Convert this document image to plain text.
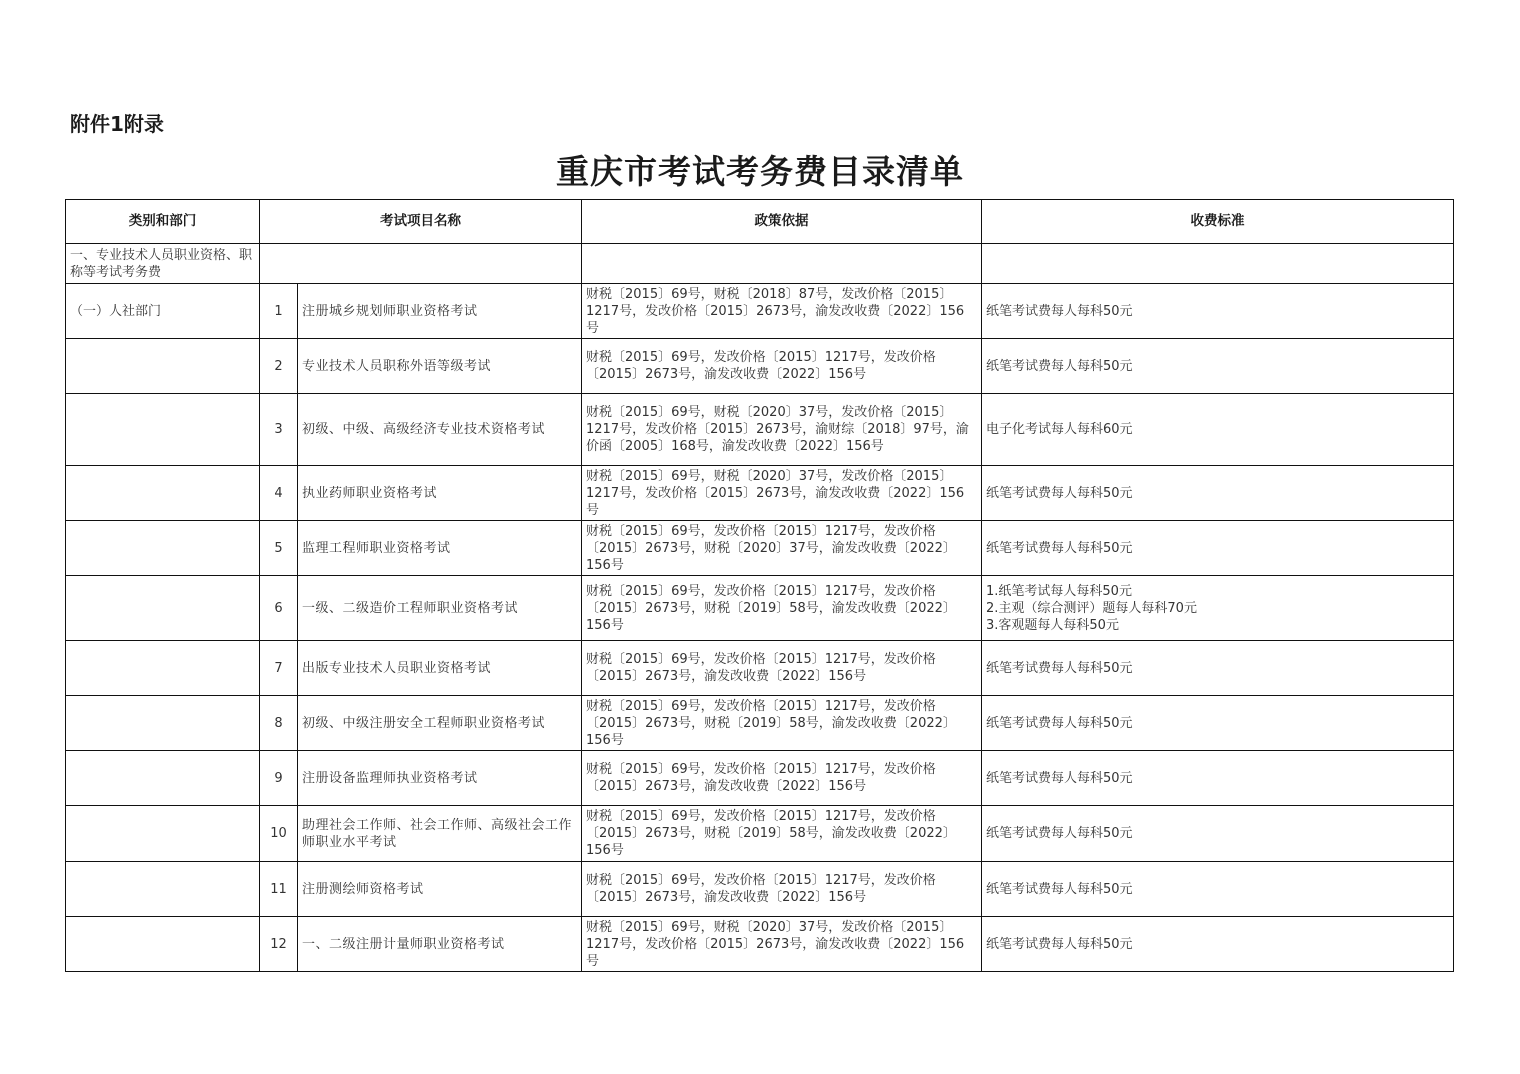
附件1附录
重庆市考试考务费目录清单
类别和部门	考试项目名称		政策依据	收费标准
一、专业技术人员职业资格、职称等考试考务费				
（一）人社部门	1	注册城乡规划师职业资格考试	财税〔2015〕69号，财税〔2018〕87号，发改价格〔2015〕1217号，发改价格〔2015〕2673号，渝发改收费〔2022〕156号	纸笔考试费每人每科50元
	2	专业技术人员职称外语等级考试	财税〔2015〕69号，发改价格〔2015〕1217号，发改价格〔2015〕2673号，渝发改收费〔2022〕156号	纸笔考试费每人每科50元
	3	初级、中级、高级经济专业技术资格考试	财税〔2015〕69号，财税〔2020〕37号，发改价格〔2015〕1217号，发改价格〔2015〕2673号，渝财综〔2018〕97号，渝价函〔2005〕168号，渝发改收费〔2022〕156号	电子化考试每人每科60元
	4	执业药师职业资格考试	财税〔2015〕69号，财税〔2020〕37号，发改价格〔2015〕1217号，发改价格〔2015〕2673号，渝发改收费〔2022〕156号	纸笔考试费每人每科50元
	5	监理工程师职业资格考试	财税〔2015〕69号，发改价格〔2015〕1217号，发改价格〔2015〕2673号，财税〔2020〕37号，渝发改收费〔2022〕156号	纸笔考试费每人每科50元
	6	一级、二级造价工程师职业资格考试	财税〔2015〕69号，发改价格〔2015〕1217号，发改价格〔2015〕2673号，财税〔2019〕58号，渝发改收费〔2022〕156号	1.纸笔考试每人每科50元
2.主观（综合测评）题每人每科70元
3.客观题每人每科50元
	7	出版专业技术人员职业资格考试	财税〔2015〕69号，发改价格〔2015〕1217号，发改价格〔2015〕2673号，渝发改收费〔2022〕156号	纸笔考试费每人每科50元
	8	初级、中级注册安全工程师职业资格考试	财税〔2015〕69号，发改价格〔2015〕1217号，发改价格〔2015〕2673号，财税〔2019〕58号，渝发改收费〔2022〕156号	纸笔考试费每人每科50元
	9	注册设备监理师执业资格考试	财税〔2015〕69号，发改价格〔2015〕1217号，发改价格〔2015〕2673号，渝发改收费〔2022〕156号	纸笔考试费每人每科50元
	10	助理社会工作师、社会工作师、高级社会工作师职业水平考试	财税〔2015〕69号，发改价格〔2015〕1217号，发改价格〔2015〕2673号，财税〔2019〕58号，渝发改收费〔2022〕156号	纸笔考试费每人每科50元
	11	注册测绘师资格考试	财税〔2015〕69号，发改价格〔2015〕1217号，发改价格〔2015〕2673号，渝发改收费〔2022〕156号	纸笔考试费每人每科50元
	12	一、二级注册计量师职业资格考试	财税〔2015〕69号，财税〔2020〕37号，发改价格〔2015〕1217号，发改价格〔2015〕2673号，渝发改收费〔2022〕156号	纸笔考试费每人每科50元
